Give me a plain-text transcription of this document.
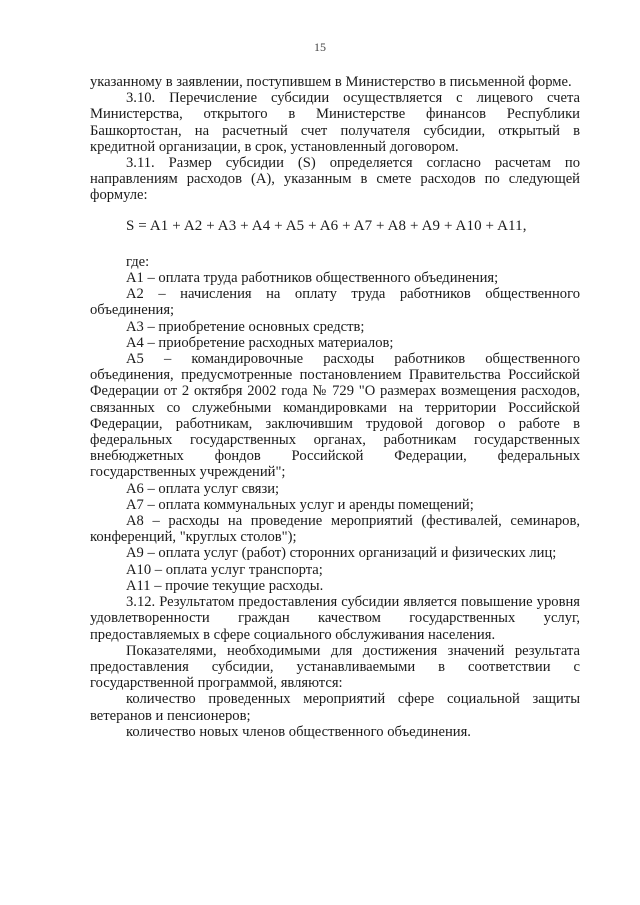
15

указанному в заявлении, поступившем в Министерство в письменной форме.

3.10. Перечисление субсидии осуществляется с лицевого счета Министерства, открытого в Министерстве финансов Республики Башкортостан, на расчетный счет получателя субсидии, открытый в кредитной организации, в срок, установленный договором.

3.11. Размер субсидии (S) определяется согласно расчетам по направлениям расходов (А), указанным в смете расходов по следующей формуле:

S = A1 + A2 + A3 + A4 + A5 + A6 + A7 + A8 + A9 + A10 + A11,

где:

А1 – оплата труда работников общественного объединения;

А2 – начисления на оплату труда работников общественного объединения;

А3 – приобретение основных средств;

А4 – приобретение расходных материалов;

А5 – командировочные расходы работников общественного объединения, предусмотренные постановлением Правительства Российской Федерации от 2 октября 2002 года № 729 "О размерах возмещения расходов, связанных со служебными командировками на территории Российской Федерации, работникам, заключившим трудовой договор о работе в федеральных государственных органах, работникам государственных внебюджетных фондов Российской Федерации, федеральных государственных учреждений";

А6 – оплата услуг связи;

А7 – оплата коммунальных услуг и аренды помещений;

А8 – расходы на проведение мероприятий (фестивалей, семинаров, конференций, "круглых столов");

А9 – оплата услуг (работ) сторонних организаций и физических лиц;

А10 – оплата услуг транспорта;

А11 – прочие текущие расходы.

3.12. Результатом предоставления субсидии является повышение уровня удовлетворенности граждан качеством государственных услуг, предоставляемых в сфере социального обслуживания населения.

Показателями, необходимыми для достижения значений результата предоставления субсидии, устанавливаемыми в соответствии с государственной программой, являются:

количество проведенных мероприятий сфере социальной защиты ветеранов и пенсионеров;

количество новых членов общественного объединения.
